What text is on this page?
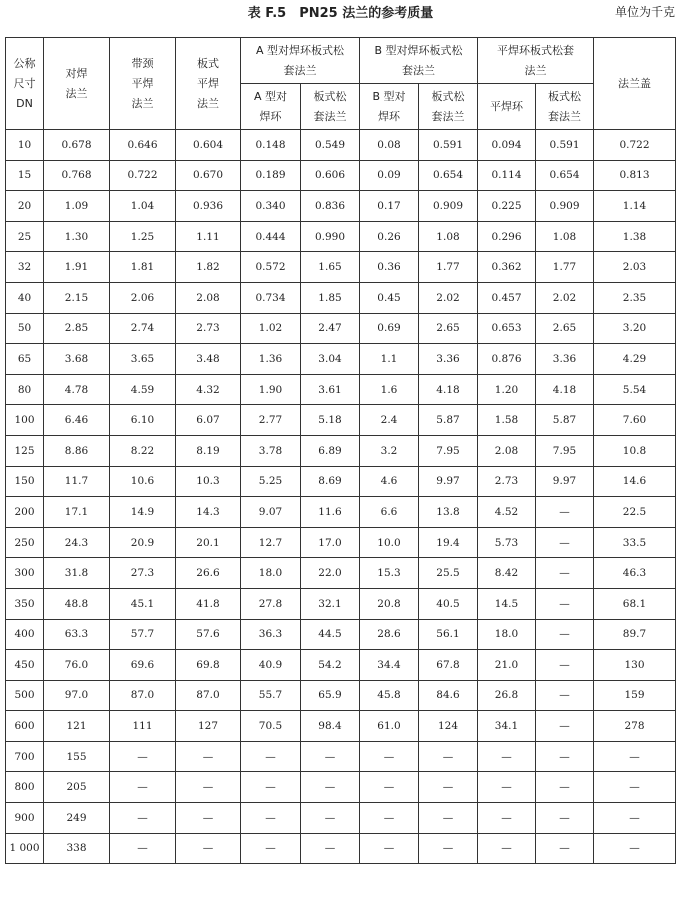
表 F.5　PN25 法兰的参考质量	单位为千克
公称尺寸DN	对焊法兰	带颈平焊法兰	板式平焊法兰	A 型对焊环板式松套法兰		B 型对焊环板式松套法兰		平焊环板式松套法兰		法兰盖
				A 型对焊环	板式松套法兰	B 型对焊环	板式松套法兰	平焊环	板式松套法兰	
10	0.678	0.646	0.604	0.148	0.549	0.08	0.591	0.094	0.591	0.722
15	0.768	0.722	0.670	0.189	0.606	0.09	0.654	0.114	0.654	0.813
20	1.09	1.04	0.936	0.340	0.836	0.17	0.909	0.225	0.909	1.14
25	1.30	1.25	1.11	0.444	0.990	0.26	1.08	0.296	1.08	1.38
32	1.91	1.81	1.82	0.572	1.65	0.36	1.77	0.362	1.77	2.03
40	2.15	2.06	2.08	0.734	1.85	0.45	2.02	0.457	2.02	2.35
50	2.85	2.74	2.73	1.02	2.47	0.69	2.65	0.653	2.65	3.20
65	3.68	3.65	3.48	1.36	3.04	1.1	3.36	0.876	3.36	4.29
80	4.78	4.59	4.32	1.90	3.61	1.6	4.18	1.20	4.18	5.54
100	6.46	6.10	6.07	2.77	5.18	2.4	5.87	1.58	5.87	7.60
125	8.86	8.22	8.19	3.78	6.89	3.2	7.95	2.08	7.95	10.8
150	11.7	10.6	10.3	5.25	8.69	4.6	9.97	2.73	9.97	14.6
200	17.1	14.9	14.3	9.07	11.6	6.6	13.8	4.52	—	22.5
250	24.3	20.9	20.1	12.7	17.0	10.0	19.4	5.73	—	33.5
300	31.8	27.3	26.6	18.0	22.0	15.3	25.5	8.42	—	46.3
350	48.8	45.1	41.8	27.8	32.1	20.8	40.5	14.5	—	68.1
400	63.3	57.7	57.6	36.3	44.5	28.6	56.1	18.0	—	89.7
450	76.0	69.6	69.8	40.9	54.2	34.4	67.8	21.0	—	130
500	97.0	87.0	87.0	55.7	65.9	45.8	84.6	26.8	—	159
600	121	111	127	70.5	98.4	61.0	124	34.1	—	278
700	155	—	—	—	—	—	—	—	—	—
800	205	—	—	—	—	—	—	—	—	—
900	249	—	—	—	—	—	—	—	—	—
1 000	338	—	—	—	—	—	—	—	—	—
